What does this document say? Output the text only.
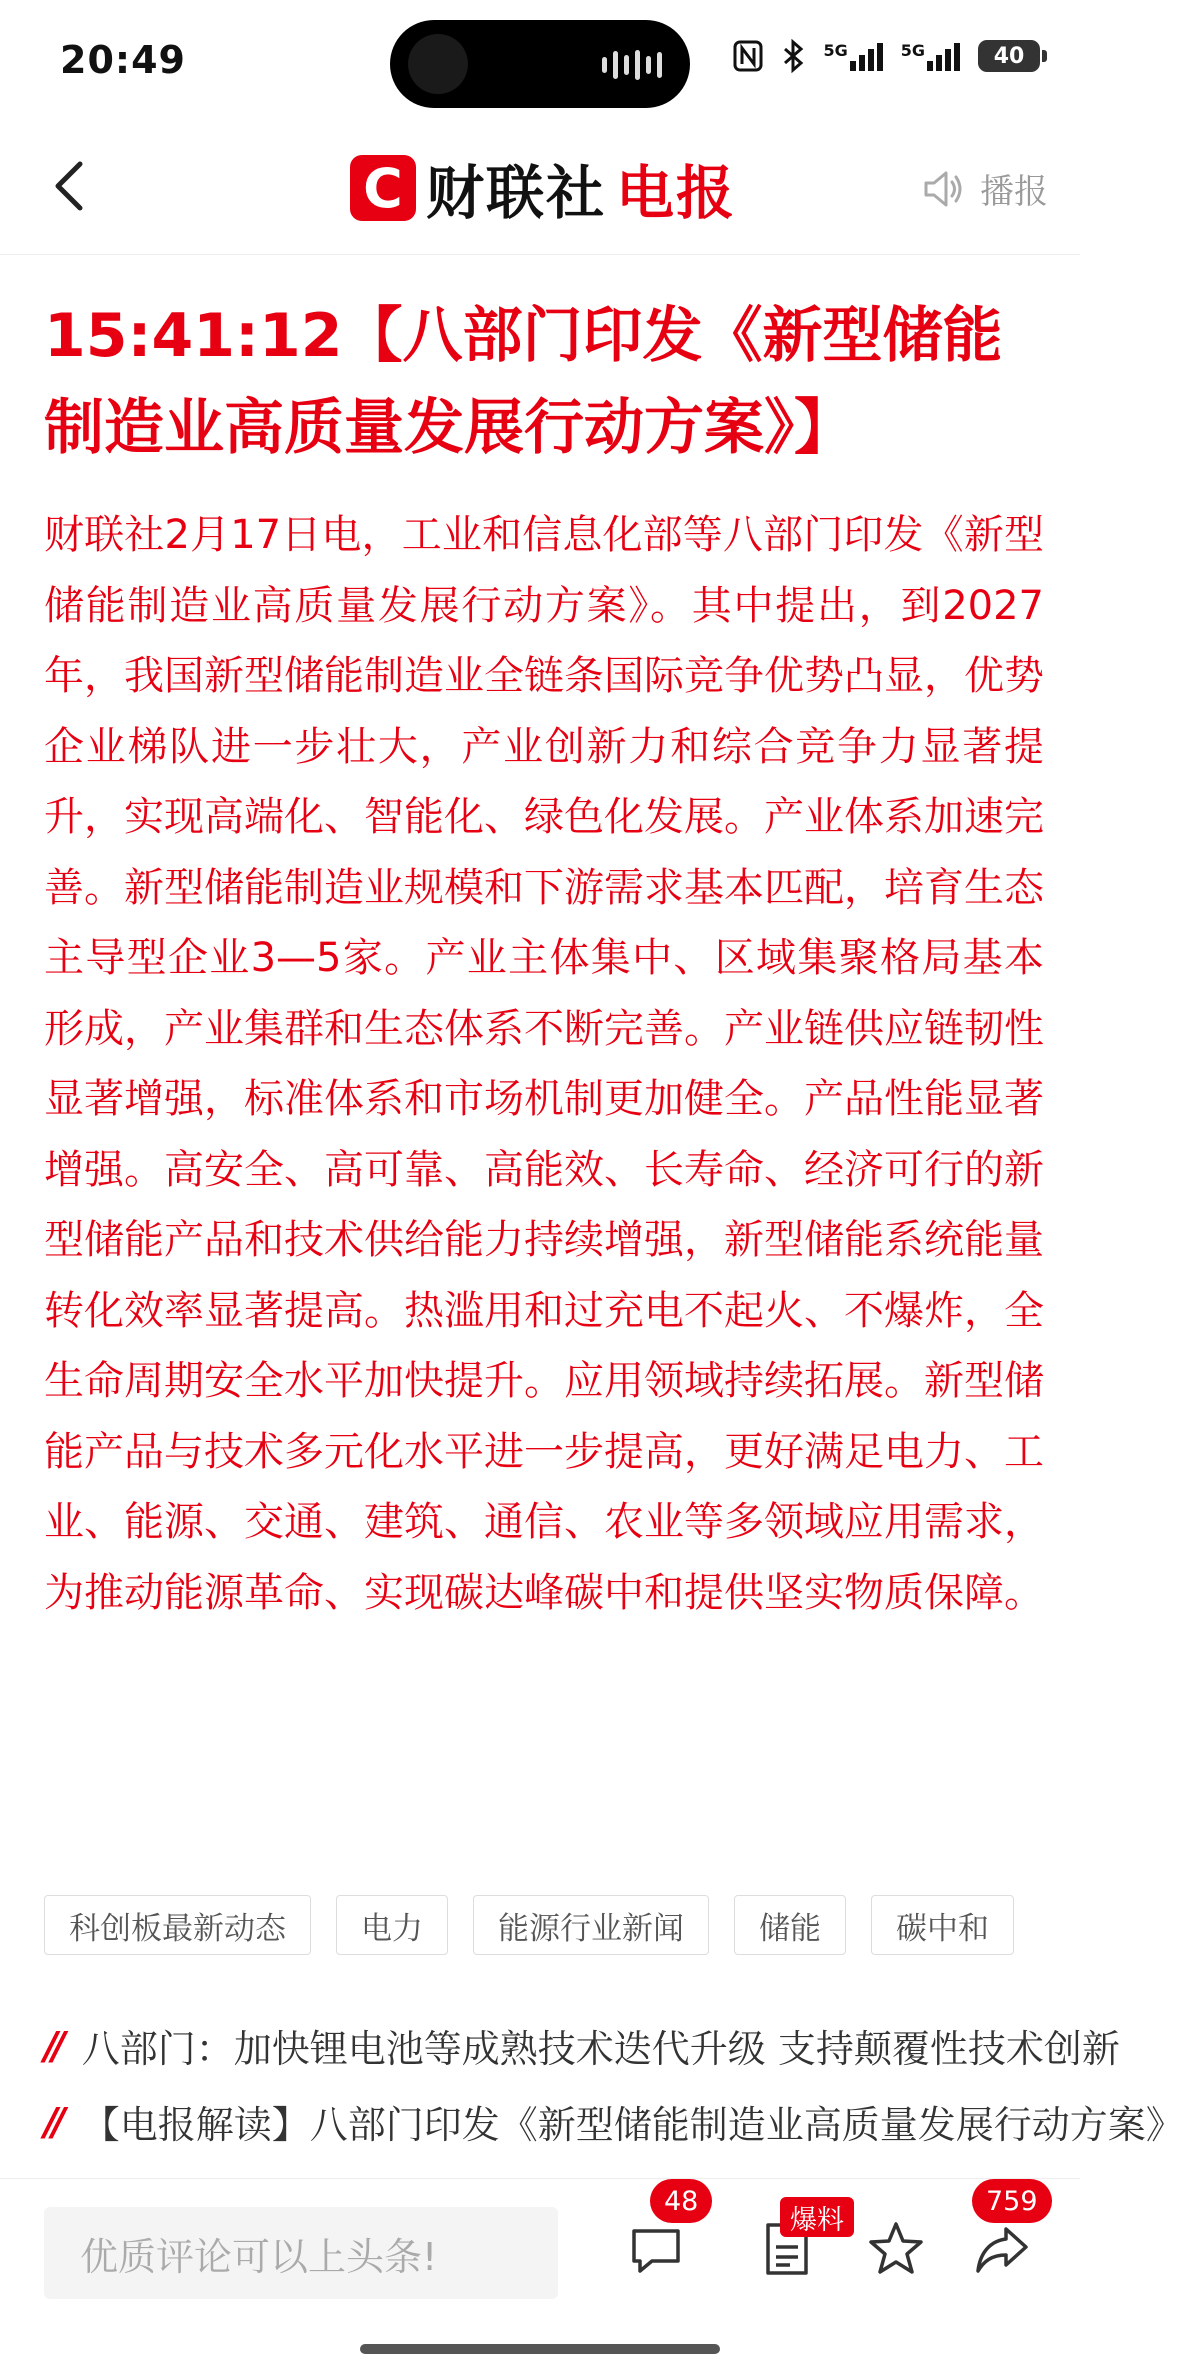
20:49	5G	5G	40
C 财联社 电报	播报
15:41:12【八部门印发《新型储能制造业高质量发展行动方案》】
财联社2月17日电，工业和信息化部等八部门印发《新型储能制造业高质量发展行动方案》。其中提出，到2027年，我国新型储能制造业全链条国际竞争优势凸显，优势企业梯队进一步壮大，产业创新力和综合竞争力显著提升，实现高端化、智能化、绿色化发展。产业体系加速完善。新型储能制造业规模和下游需求基本匹配，培育生态主导型企业3—5家。产业主体集中、区域集聚格局基本形成，产业集群和生态体系不断完善。产业链供应链韧性显著增强，标准体系和市场机制更加健全。产品性能显著增强。高安全、高可靠、高能效、长寿命、经济可行的新型储能产品和技术供给能力持续增强，新型储能系统能量转化效率显著提高。热滥用和过充电不起火、不爆炸，全生命周期安全水平加快提升。应用领域持续拓展。新型储能产品与技术多元化水平进一步提高，更好满足电力、工业、能源、交通、建筑、通信、农业等多领域应用需求，为推动能源革命、实现碳达峰碳中和提供坚实物质保障。
科创板最新动态	电力	能源行业新闻	储能	碳中和
// 八部门：加快锂电池等成熟技术迭代升级 支持颠覆性技术创新
// 【电报解读】八部门印发《新型储能制造业高质量发展行动方案》
优质评论可以上头条!
48
爆料
759
